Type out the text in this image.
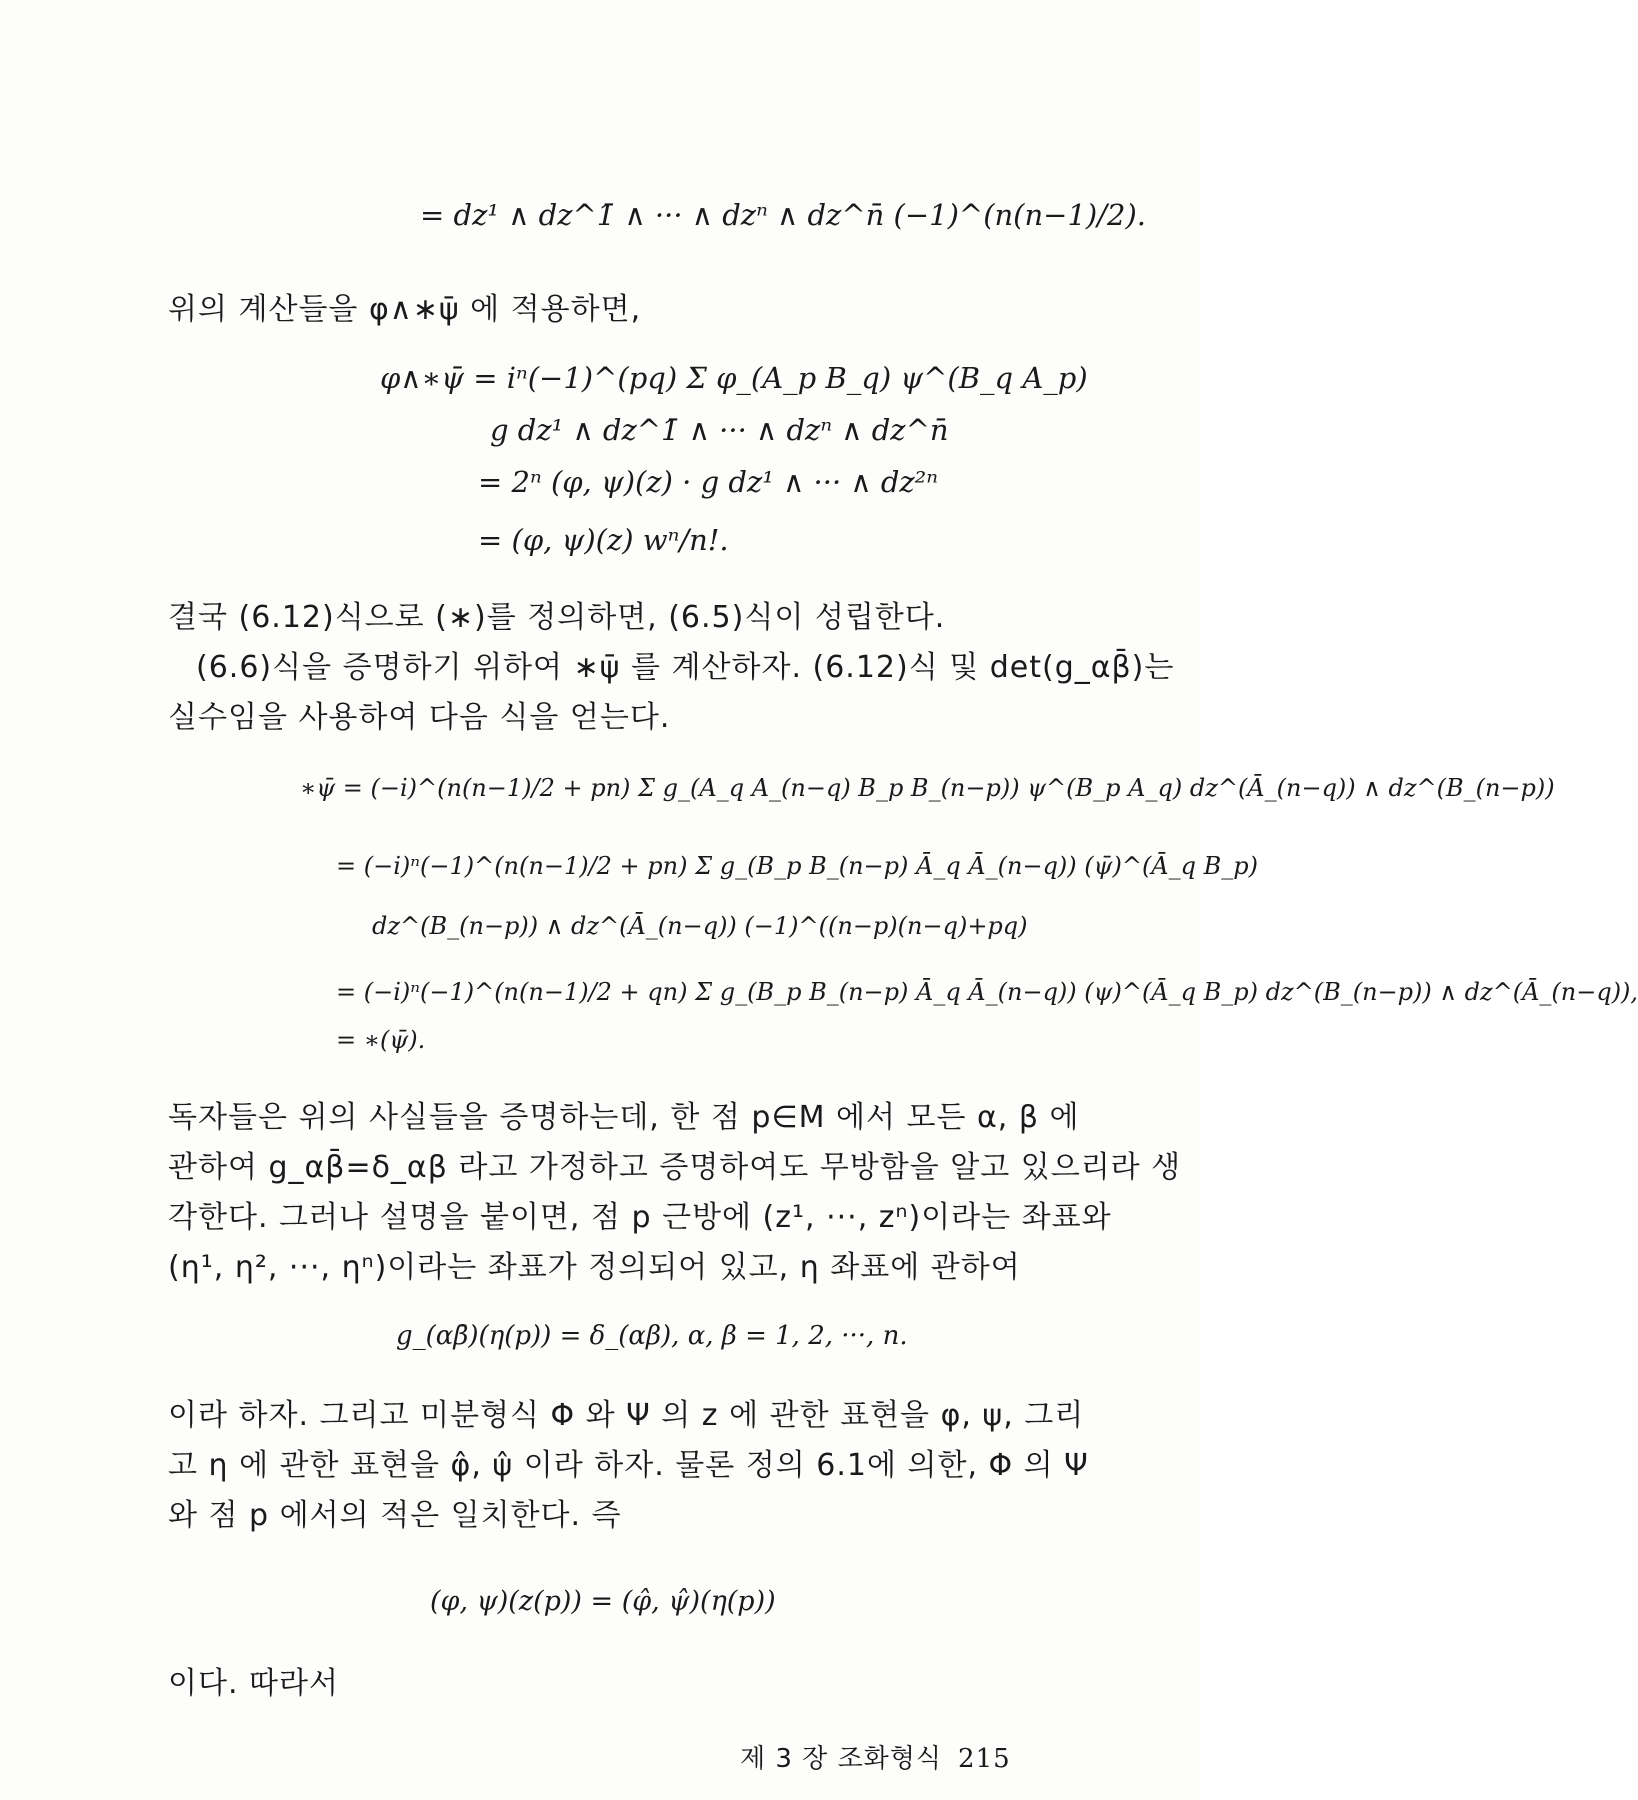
= dz¹ ∧ dz^1̄ ∧ ··· ∧ dzⁿ ∧ dz^n̄ (−1)^(n(n−1)/2).
위의 계산들을 φ∧∗ψ̄ 에 적용하면,
φ∧∗ψ̄ = iⁿ(−1)^(pq) Σ φ_(A_p B_q) ψ^(B_q A_p)
g dz¹ ∧ dz^1̄ ∧ ··· ∧ dzⁿ ∧ dz^n̄
= 2ⁿ (φ, ψ)(z) · g dz¹ ∧ ··· ∧ dz²ⁿ
= (φ, ψ)(z) wⁿ/n!.
결국 (6.12)식으로 (∗)를 정의하면, (6.5)식이 성립한다.
(6.6)식을 증명하기 위하여 ∗ψ̄ 를 계산하자. (6.12)식 및 det(g_αβ̄)는
실수임을 사용하여 다음 식을 얻는다.
∗ψ̄ = (−i)^(n(n−1)/2 + pn) Σ g_(A_q A_(n−q) B_p B_(n−p)) ψ^(B_p A_q) dz^(Ā_(n−q)) ∧ dz^(B_(n−p))
= (−i)ⁿ(−1)^(n(n−1)/2 + pn) Σ g_(B_p B_(n−p) Ā_q Ā_(n−q)) (ψ̄)^(Ā_q B_p)
dz^(B_(n−p)) ∧ dz^(Ā_(n−q)) (−1)^((n−p)(n−q)+pq)
= (−i)ⁿ(−1)^(n(n−1)/2 + qn) Σ g_(B_p B_(n−p) Ā_q Ā_(n−q)) (ψ)^(Ā_q B_p) dz^(B_(n−p)) ∧ dz^(Ā_(n−q)),
= ∗(ψ̄).
독자들은 위의 사실들을 증명하는데, 한 점 p∈M 에서 모든 α, β 에
관하여 g_αβ̄=δ_αβ 라고 가정하고 증명하여도 무방함을 알고 있으리라 생
각한다. 그러나 설명을 붙이면, 점 p 근방에 (z¹, ···, zⁿ)이라는 좌표와
(η¹, η², ···, ηⁿ)이라는 좌표가 정의되어 있고, η 좌표에 관하여
g_(αβ̄)(η(p)) = δ_(αβ), α, β = 1, 2, ···, n.
이라 하자. 그리고 미분형식 Φ 와 Ψ 의 z 에 관한 표현을 φ, ψ, 그리
고 η 에 관한 표현을 φ̂, ψ̂ 이라 하자. 물론 정의 6.1에 의한, Φ 의 Ψ
와 점 p 에서의 적은 일치한다. 즉
(φ, ψ)(z(p)) = (φ̂, ψ̂)(η(p))
이다. 따라서
제 3 장 조화형식 215
